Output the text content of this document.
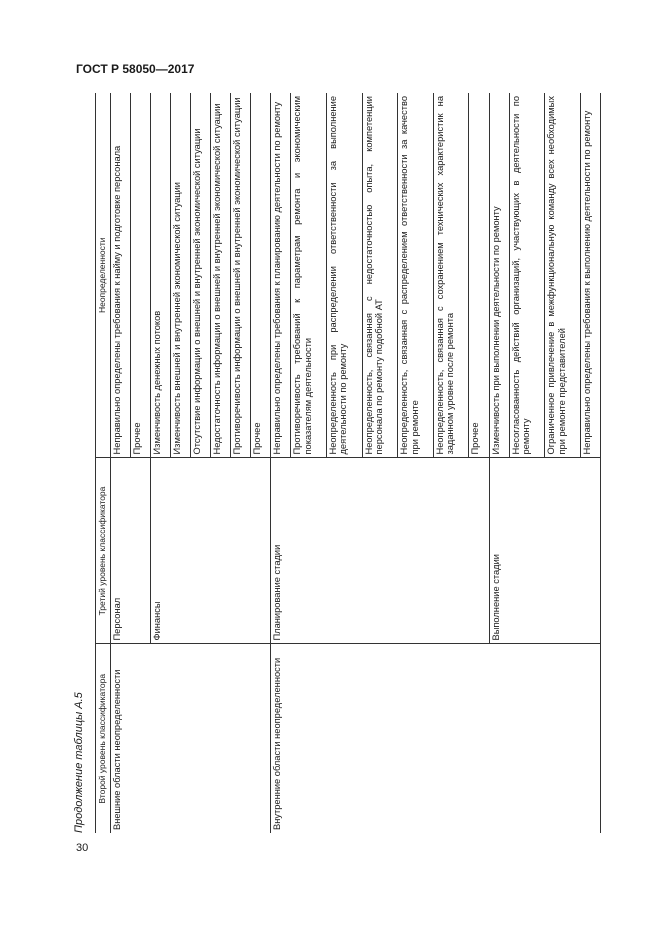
ГОСТ Р 58050—2017
30
Продолжение таблицы А.5 Второй уровень классификатора	Третий уровень классификатора	Неопределенности
Внешние области неопределенности	Персонал	Неправильно определены требования к найму и подготовке персонала
		Прочее
	Финансы	Изменчивость денежных потоков
		Изменчивость внешней и внутренней экономической ситуации
		Отсутствие информации о внешней и внутренней экономической ситуации
		Недостаточность информации о внешней и внутренней экономической ситуации
		Противоречивость информации о внешней и внутренней экономической ситуации
		Прочее
Внутренние области неопределенности	Планирование стадии	Неправильно определены требования к планированию деятельности по ремонту
		Противоречивость требований к параметрам ремонта и экономическим показателям деятельности
		Неопределенность при распределении ответственности за выполнение деятельности по ремонту
		Неопределенность, связанная с недостаточностью опыта, компетенции персонала по ремонту подобной АТ
		Неопределенность, связанная с распределением ответственности за качество при ремонте
		Неопределенность, связанная с сохранением технических характеристик на заданном уровне после ремонта
		Прочее
	Выполнение стадии	Изменчивость при выполнении деятельности по ремонту
		Несогласованность действий организаций, участвующих в деятельности по ремонту
		Ограниченное привлечение в межфункциональную команду всех необходимых при ремонте представителей
		Неправильно определены требования к выполнению деятельности по ремонту
